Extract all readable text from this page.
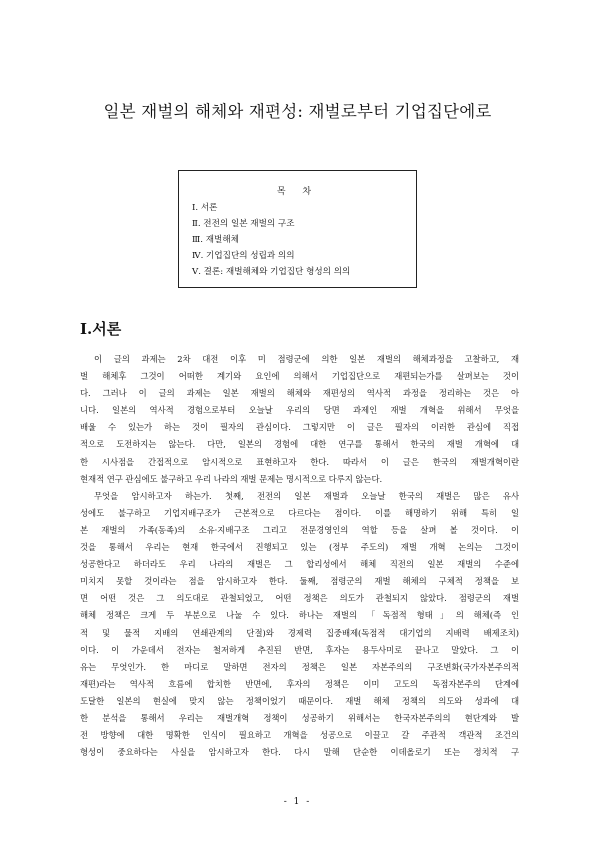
일본 재벌의 해체와 재편성: 재벌로부터 기업집단에로
목 차
Ⅰ. 서론
Ⅱ. 전전의 일본 재벌의 구조
Ⅲ. 재벌해체
Ⅳ. 기업집단의 성립과 의의
Ⅴ. 결론: 재벌해체와 기업집단 형성의 의의
Ⅰ.서론
이 글의 과제는 2차 대전 이후 미 점령군에 의한 일본 재벌의 해체과정을 고찰하고, 재
벌 해체후 그것이 어떠한 계기와 요인에 의해서 기업집단으로 재편되는가를 살펴보는 것이
다. 그러나 이 글의 과제는 일본 재벌의 해체와 재편성의 역사적 과정을 정리하는 것은 아
니다. 일본의 역사적 경험으로부터 오늘날 우리의 당면 과제인 재벌 개혁을 위해서 무엇을
배울 수 있는가 하는 것이 필자의 관심이다. 그렇지만 이 글은 필자의 이러한 관심에 직접
적으로 도전하지는 않는다. 다만, 일본의 경험에 대한 연구를 통해서 한국의 재벌 개혁에 대
한 시사점을 간접적으로 암시적으로 표현하고자 한다. 따라서 이 글은 한국의 재벌개혁이란
현재적 연구 관심에도 불구하고 우리 나라의 재벌 문제는 명시적으로 다루지 않는다.
무엇을 암시하고자 하는가. 첫째, 전전의 일본 재벌과 오늘날 한국의 재벌은 많은 유사
성에도 불구하고 기업지배구조가 근본적으로 다르다는 점이다. 이를 해명하기 위해 특히 일
본 재벌의 가족(동족)의 소유·지배구조 그리고 전문경영인의 역할 등을 살펴 볼 것이다. 이
것을 통해서 우리는 현재 한국에서 진행되고 있는 (정부 주도의) 재벌 개혁 논의는 그것이
성공한다고 하더라도 우리 나라의 재벌은 그 합리성에서 해체 직전의 일본 재벌의 수준에
미치지 못할 것이라는 점을 암시하고자 한다. 둘째, 점령군의 재벌 해체의 구체적 정책을 보
면 어떤 것은 그 의도대로 관철되었고, 어떤 정책은 의도가 관철되지 않았다. 점령군의 재벌
해체 정책은 크게 두 부분으로 나눌 수 있다. 하나는 재벌의 「독점적 형태」의 해체(즉 인
적 및 물적 지배의 연쇄관계의 단절)와 경제력 집중배제(독점적 대기업의 지배력 배제조치)
이다. 이 가운데서 전자는 철저하게 추진된 반면, 후자는 용두사미로 끝나고 말았다. 그 이
유는 무엇인가. 한 마디로 말하면 전자의 정책은 일본 자본주의의 구조변화(국가자본주의적
재편)라는 역사적 흐름에 합치한 반면에, 후자의 정책은 이미 고도의 독점자본주의 단계에
도달한 일본의 현실에 맞지 않는 정책이었기 때문이다. 재벌 해체 정책의 의도와 성과에 대
한 분석을 통해서 우리는 재벌개혁 정책이 성공하기 위해서는 한국자본주의의 현단계와 발
전 방향에 대한 명확한 인식이 필요하고 개혁을 성공으로 이끌고 갈 주관적 객관적 조건의
형성이 중요하다는 사실을 암시하고자 한다. 다시 말해 단순한 이데올로기 또는 정치적 구
- 1 -
